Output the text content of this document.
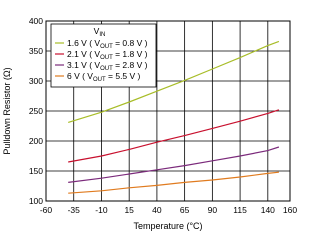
-60 -35 -10 15 40 65 90 115 140 160
100
150
200
250
300
350
400
Temperature (°C)
Pulldown Resistor (Ω)
$V_{IN}$
1.6 V ( $V_{OUT} = 0.8$ V )
2.1 V ( $V_{OUT} = 1.8$ V )
3.1 V ( $V_{OUT} = 2.8$ V )
6 V ( $V_{OUT} = 5.5$ V )
